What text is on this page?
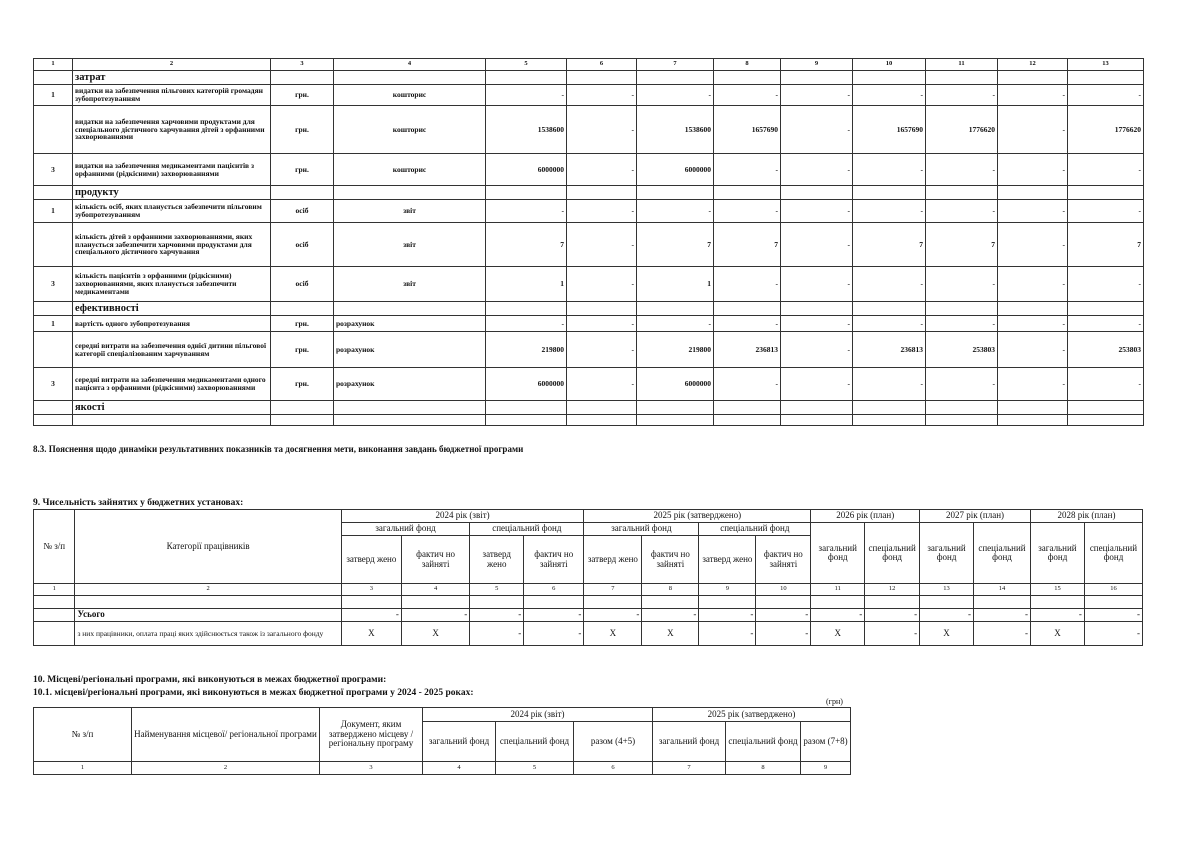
1	2	3	4	5	6	7	8	9	10	11	12	13
	затрат											
1	видатки на забезпечення пільгових категорій громадян зубопротезуванням	грн.	кошторис	-	-	-	-	-	-	-	-	-
	видатки на забезпечення харчовими продуктами для спеціального дієтичного харчування дітей з орфанними захворюваннями	грн.	кошторис	1538600	-	1538600	1657690	-	1657690	1776620	-	1776620
3	видатки на забезпечення медикаментами пацієнтів з орфанними (рідкісними) захворюваннями	грн.	кошторис	6000000	-	6000000	-	-	-	-	-	-
	продукту											
1	кількість осіб, яких планується забезпечити пільговим зубопротезуванням	осіб	звіт	-	-	-	-	-	-	-	-	-
	кількість дітей з орфанними захворюваннями, яких планується забезпечити харчовими продуктами для спеціального дієтичного харчування	осіб	звіт	7	-	7	7	-	7	7	-	7
3	кількість пацієнтів з орфанними (рідкісними) захворюваннями, яких планується забезпечити медикаментами	осіб	звіт	1	-	1	-	-	-	-	-	-
	ефективності											
1	вартість одного зубопротезування	грн.	розрахунок	-	-	-	-	-	-	-	-	-
	середні витрати на забезпечення однієї дитини пільгової категорії спеціалізованим харчуванням	грн.	розрахунок	219800	-	219800	236813	-	236813	253803	-	253803
3	середні витрати на забезпечення медикаментами одного пацієнта з орфанними (рідкісними) захворюваннями	грн.	розрахунок	6000000	-	6000000	-	-	-	-	-	-
	якості											

8.3. Пояснення щодо динаміки результативних показників та досягнення мети, виконання завдань бюджетної програми
9. Чисельність зайнятих у бюджетних установах:
№ з/п	Категорії працівників	2024 рік (звіт)				2025 рік (затверджено)				2026 рік (план)		2027 рік (план)		2028 рік (план)	
		загальний фонд		спеціальний фонд		загальний фонд		спеціальний фонд		загальний фонд	спеціальний фонд	загальний фонд	спеціальний фонд	загальний фонд	спеціальний фонд
		затверд жено	фактич но зайняті	затверд жено	фактич но зайняті	затверд жено	фактич но зайняті	затверд жено	фактич но зайняті						
1	2	3	4	5	6	7	8	9	10	11	12	13	14	15	16

	Усього	-	-	-	-	-	-	-	-	-	-	-	-	-	-
	з них працівники, оплата праці яких здійснюється також із загального фонду	X	X	-	-	X	X	-	-	X	-	X	-	X	-
10. Місцеві/регіональні програми, які виконуються в межах бюджетної програми:
10.1. місцеві/регіональні програми, які виконуються в межах бюджетної програми у 2024 - 2025 роках:
(грн)
№ з/п	Найменування місцевої/ регіональної програми	Документ, яким затверджено місцеву / регіональну програму	2024 рік (звіт)			2025 рік (затверджено)		
			загальний фонд	спеціальний фонд	разом (4+5)	загальний фонд	спеціальний фонд	разом (7+8)
1	2	3	4	5	6	7	8	9
